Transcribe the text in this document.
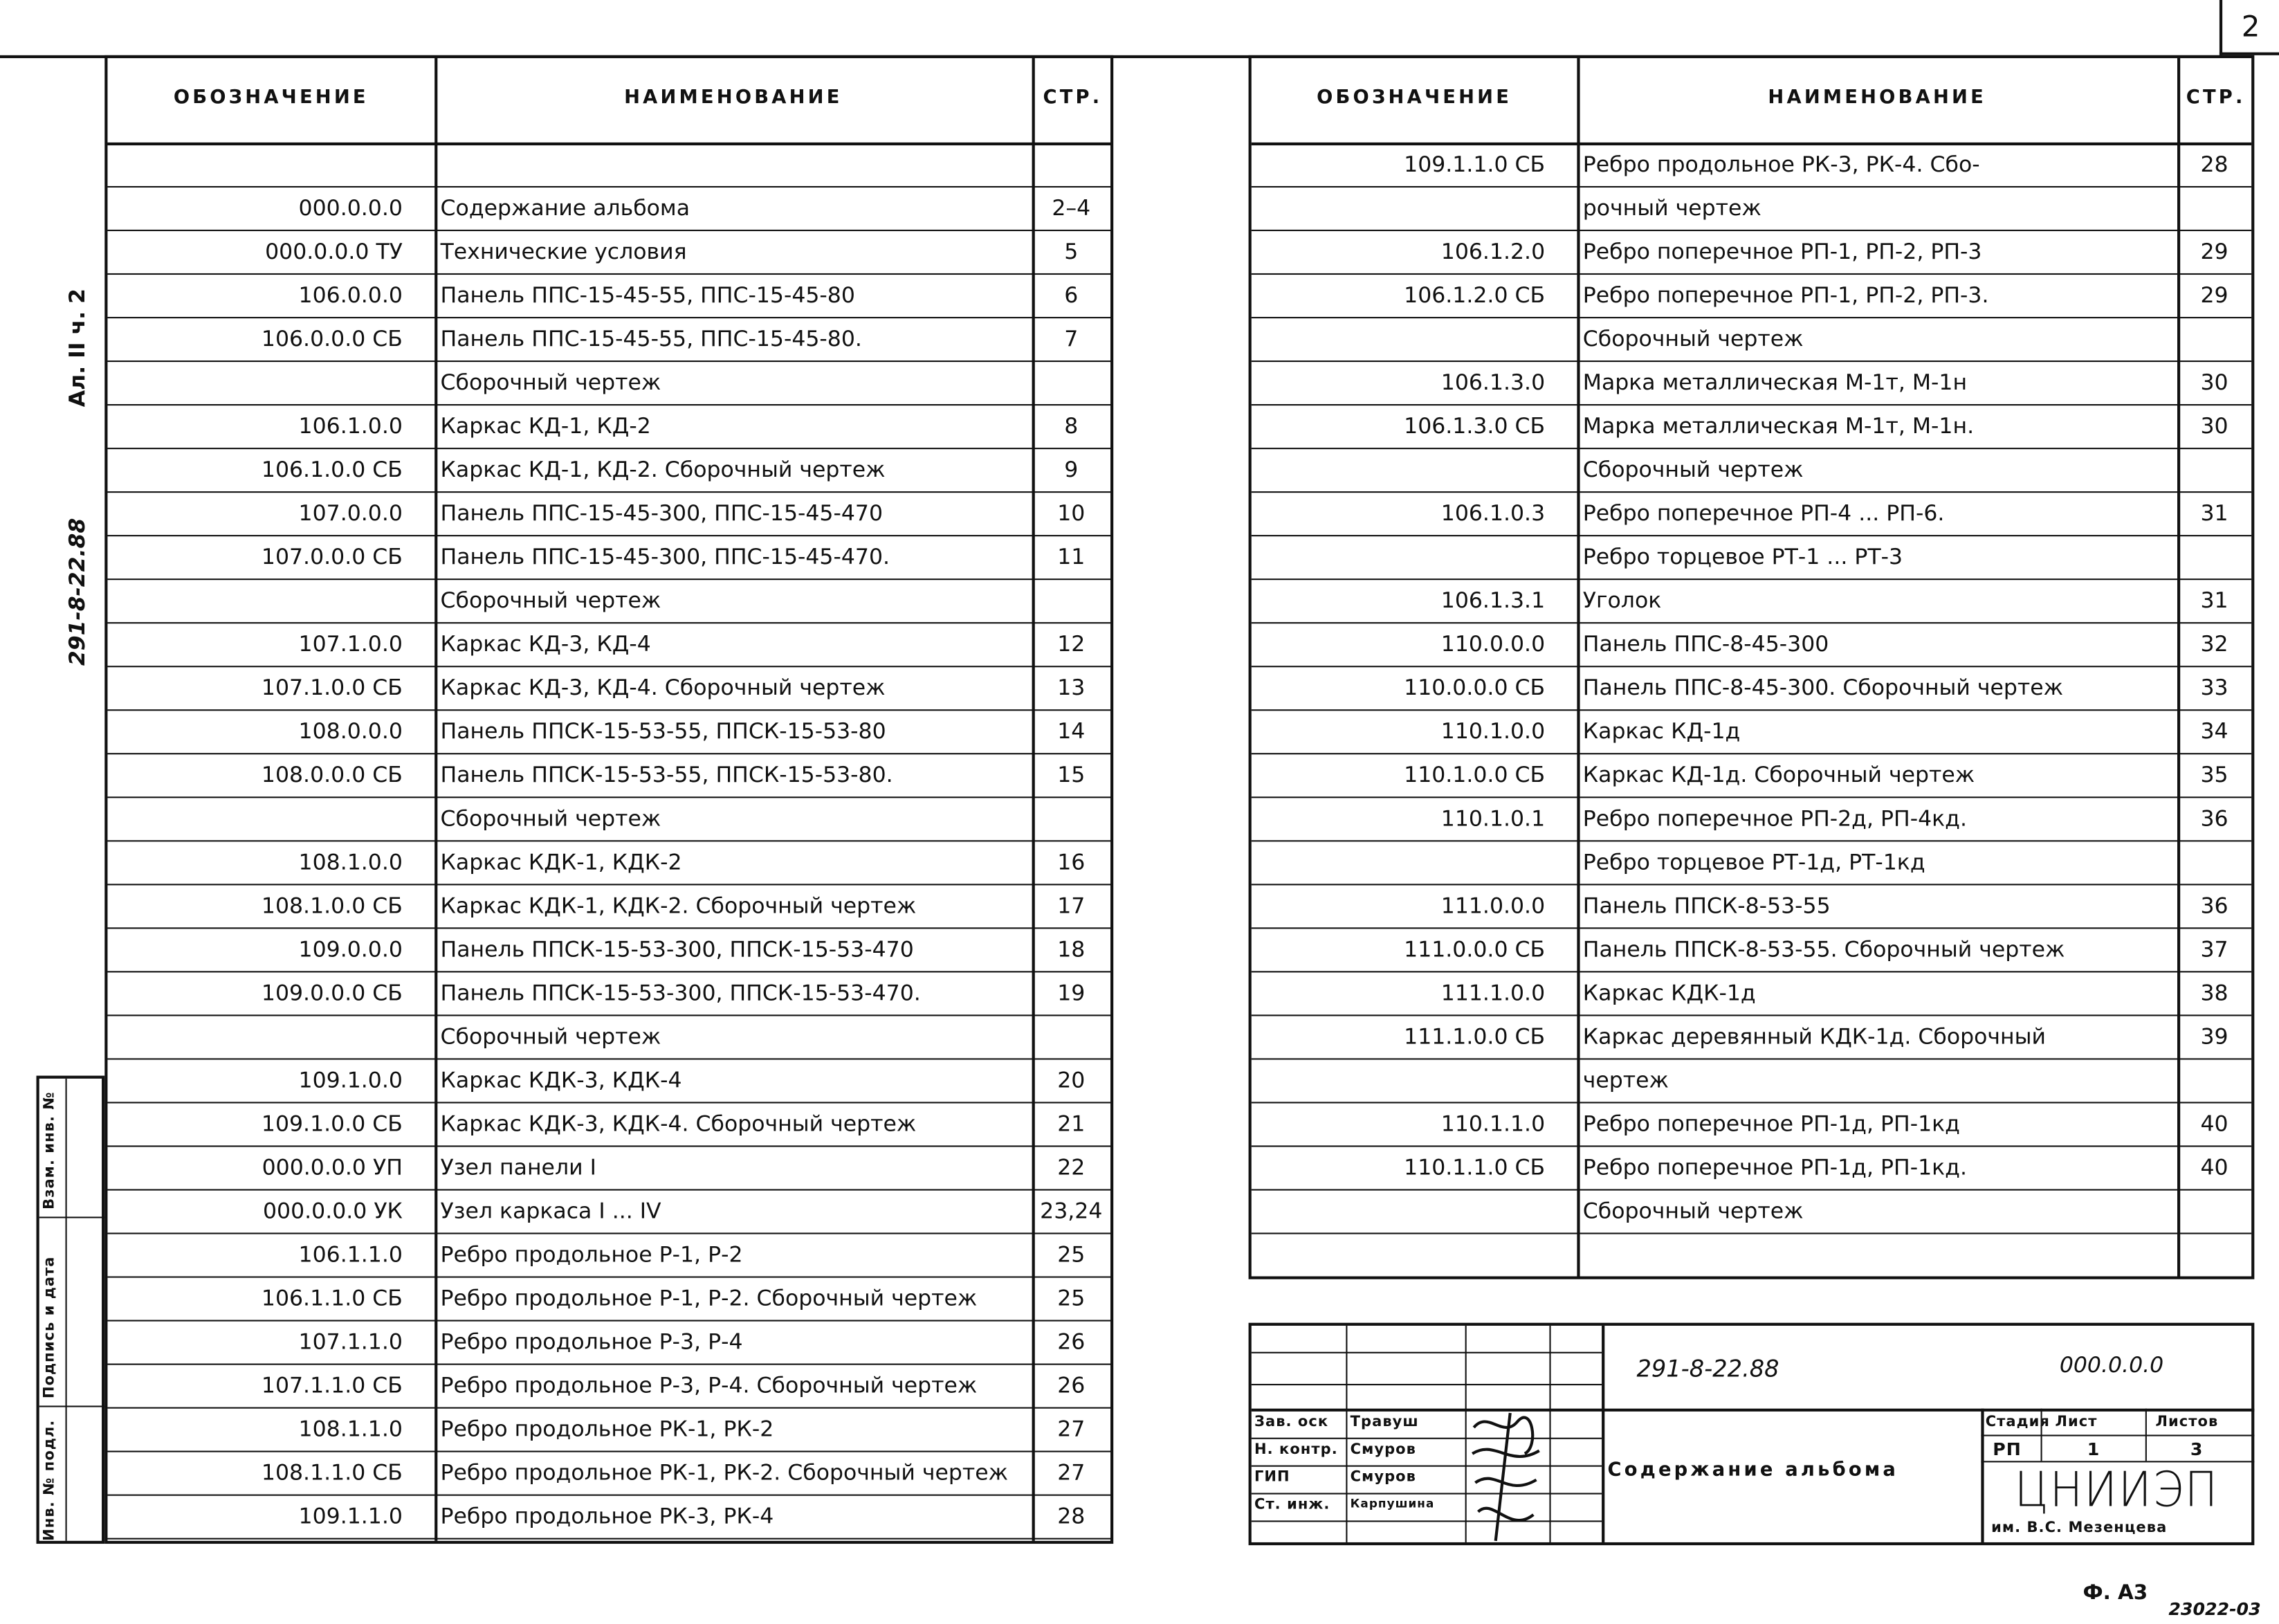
2
Ал. II ч. 2
291-8-22.88
Взам. инв. №
Подпись и дата
Инв. № подл.
ОБОЗНАЧЕНИЕ	НАИМЕНОВАНИЕ	СТР.
000.0.0.0	Содержание альбома	2–4
000.0.0.0 ТУ	Технические условия	5
106.0.0.0	Панель ППС-15-45-55, ППС-15-45-80	6
106.0.0.0 СБ	Панель ППС-15-45-55, ППС-15-45-80.	7
Сборочный чертеж
106.1.0.0	Каркас КД-1, КД-2	8
106.1.0.0 СБ	Каркас КД-1, КД-2. Сборочный чертеж	9
107.0.0.0	Панель ППС-15-45-300, ППС-15-45-470	10
107.0.0.0 СБ	Панель ППС-15-45-300, ППС-15-45-470.	11
Сборочный чертеж
107.1.0.0	Каркас КД-3, КД-4	12
107.1.0.0 СБ	Каркас КД-3, КД-4. Сборочный чертеж	13
108.0.0.0	Панель ППСК-15-53-55, ППСК-15-53-80	14
108.0.0.0 СБ	Панель ППСК-15-53-55, ППСК-15-53-80.	15
Сборочный чертеж
108.1.0.0	Каркас КДК-1, КДК-2	16
108.1.0.0 СБ	Каркас КДК-1, КДК-2. Сборочный чертеж	17
109.0.0.0	Панель ППСК-15-53-300, ППСК-15-53-470	18
109.0.0.0 СБ	Панель ППСК-15-53-300, ППСК-15-53-470.	19
Сборочный чертеж
109.1.0.0	Каркас КДК-3, КДК-4	20
109.1.0.0 СБ	Каркас КДК-3, КДК-4. Сборочный чертеж	21
000.0.0.0 УП	Узел панели I	22
000.0.0.0 УК	Узел каркаса I ... IV	23,24
106.1.1.0	Ребро продольное Р-1, Р-2	25
106.1.1.0 СБ	Ребро продольное Р-1, Р-2. Сборочный чертеж	25
107.1.1.0	Ребро продольное Р-3, Р-4	26
107.1.1.0 СБ	Ребро продольное Р-3, Р-4. Сборочный чертеж	26
108.1.1.0	Ребро продольное РК-1, РК-2	27
108.1.1.0 СБ	Ребро продольное РК-1, РК-2. Сборочный чертеж	27
109.1.1.0	Ребро продольное РК-3, РК-4	28
ОБОЗНАЧЕНИЕ	НАИМЕНОВАНИЕ	СТР.
109.1.1.0 СБ	Ребро продольное РК-3, РК-4. Сбо-	28
рочный чертеж
106.1.2.0	Ребро поперечное РП-1, РП-2, РП-3	29
106.1.2.0 СБ	Ребро поперечное РП-1, РП-2, РП-3.	29
Сборочный чертеж
106.1.3.0	Марка металлическая М-1т, М-1н	30
106.1.3.0 СБ	Марка металлическая М-1т, М-1н.	30
Сборочный чертеж
106.1.0.3	Ребро поперечное РП-4 ... РП-6.	31
Ребро торцевое РТ-1 ... РТ-3
106.1.3.1	Уголок	31
110.0.0.0	Панель ППС-8-45-300	32
110.0.0.0 СБ	Панель ППС-8-45-300. Сборочный чертеж	33
110.1.0.0	Каркас КД-1д	34
110.1.0.0 СБ	Каркас КД-1д. Сборочный чертеж	35
110.1.0.1	Ребро поперечное РП-2д, РП-4кд.	36
Ребро торцевое РТ-1д, РТ-1кд
111.0.0.0	Панель ППСК-8-53-55	36
111.0.0.0 СБ	Панель ППСК-8-53-55. Сборочный чертеж	37
111.1.0.0	Каркас КДК-1д	38
111.1.0.0 СБ	Каркас деревянный КДК-1д. Сборочный	39
чертеж
110.1.1.0	Ребро поперечное РП-1д, РП-1кд	40
110.1.1.0 СБ	Ребро поперечное РП-1д, РП-1кд.	40
Сборочный чертеж
291-8-22.88	000.0.0.0
Зав. оск	Травуш
Н. контр. Смуров
ГИП	Смуров
Ст. инж.	Карпушина
Содержание альбома
Стадия Лист	Листов
РП	1	3
ЦНИИЭП
им. В.С. Мезенцева
Ф. А3
23022-03
